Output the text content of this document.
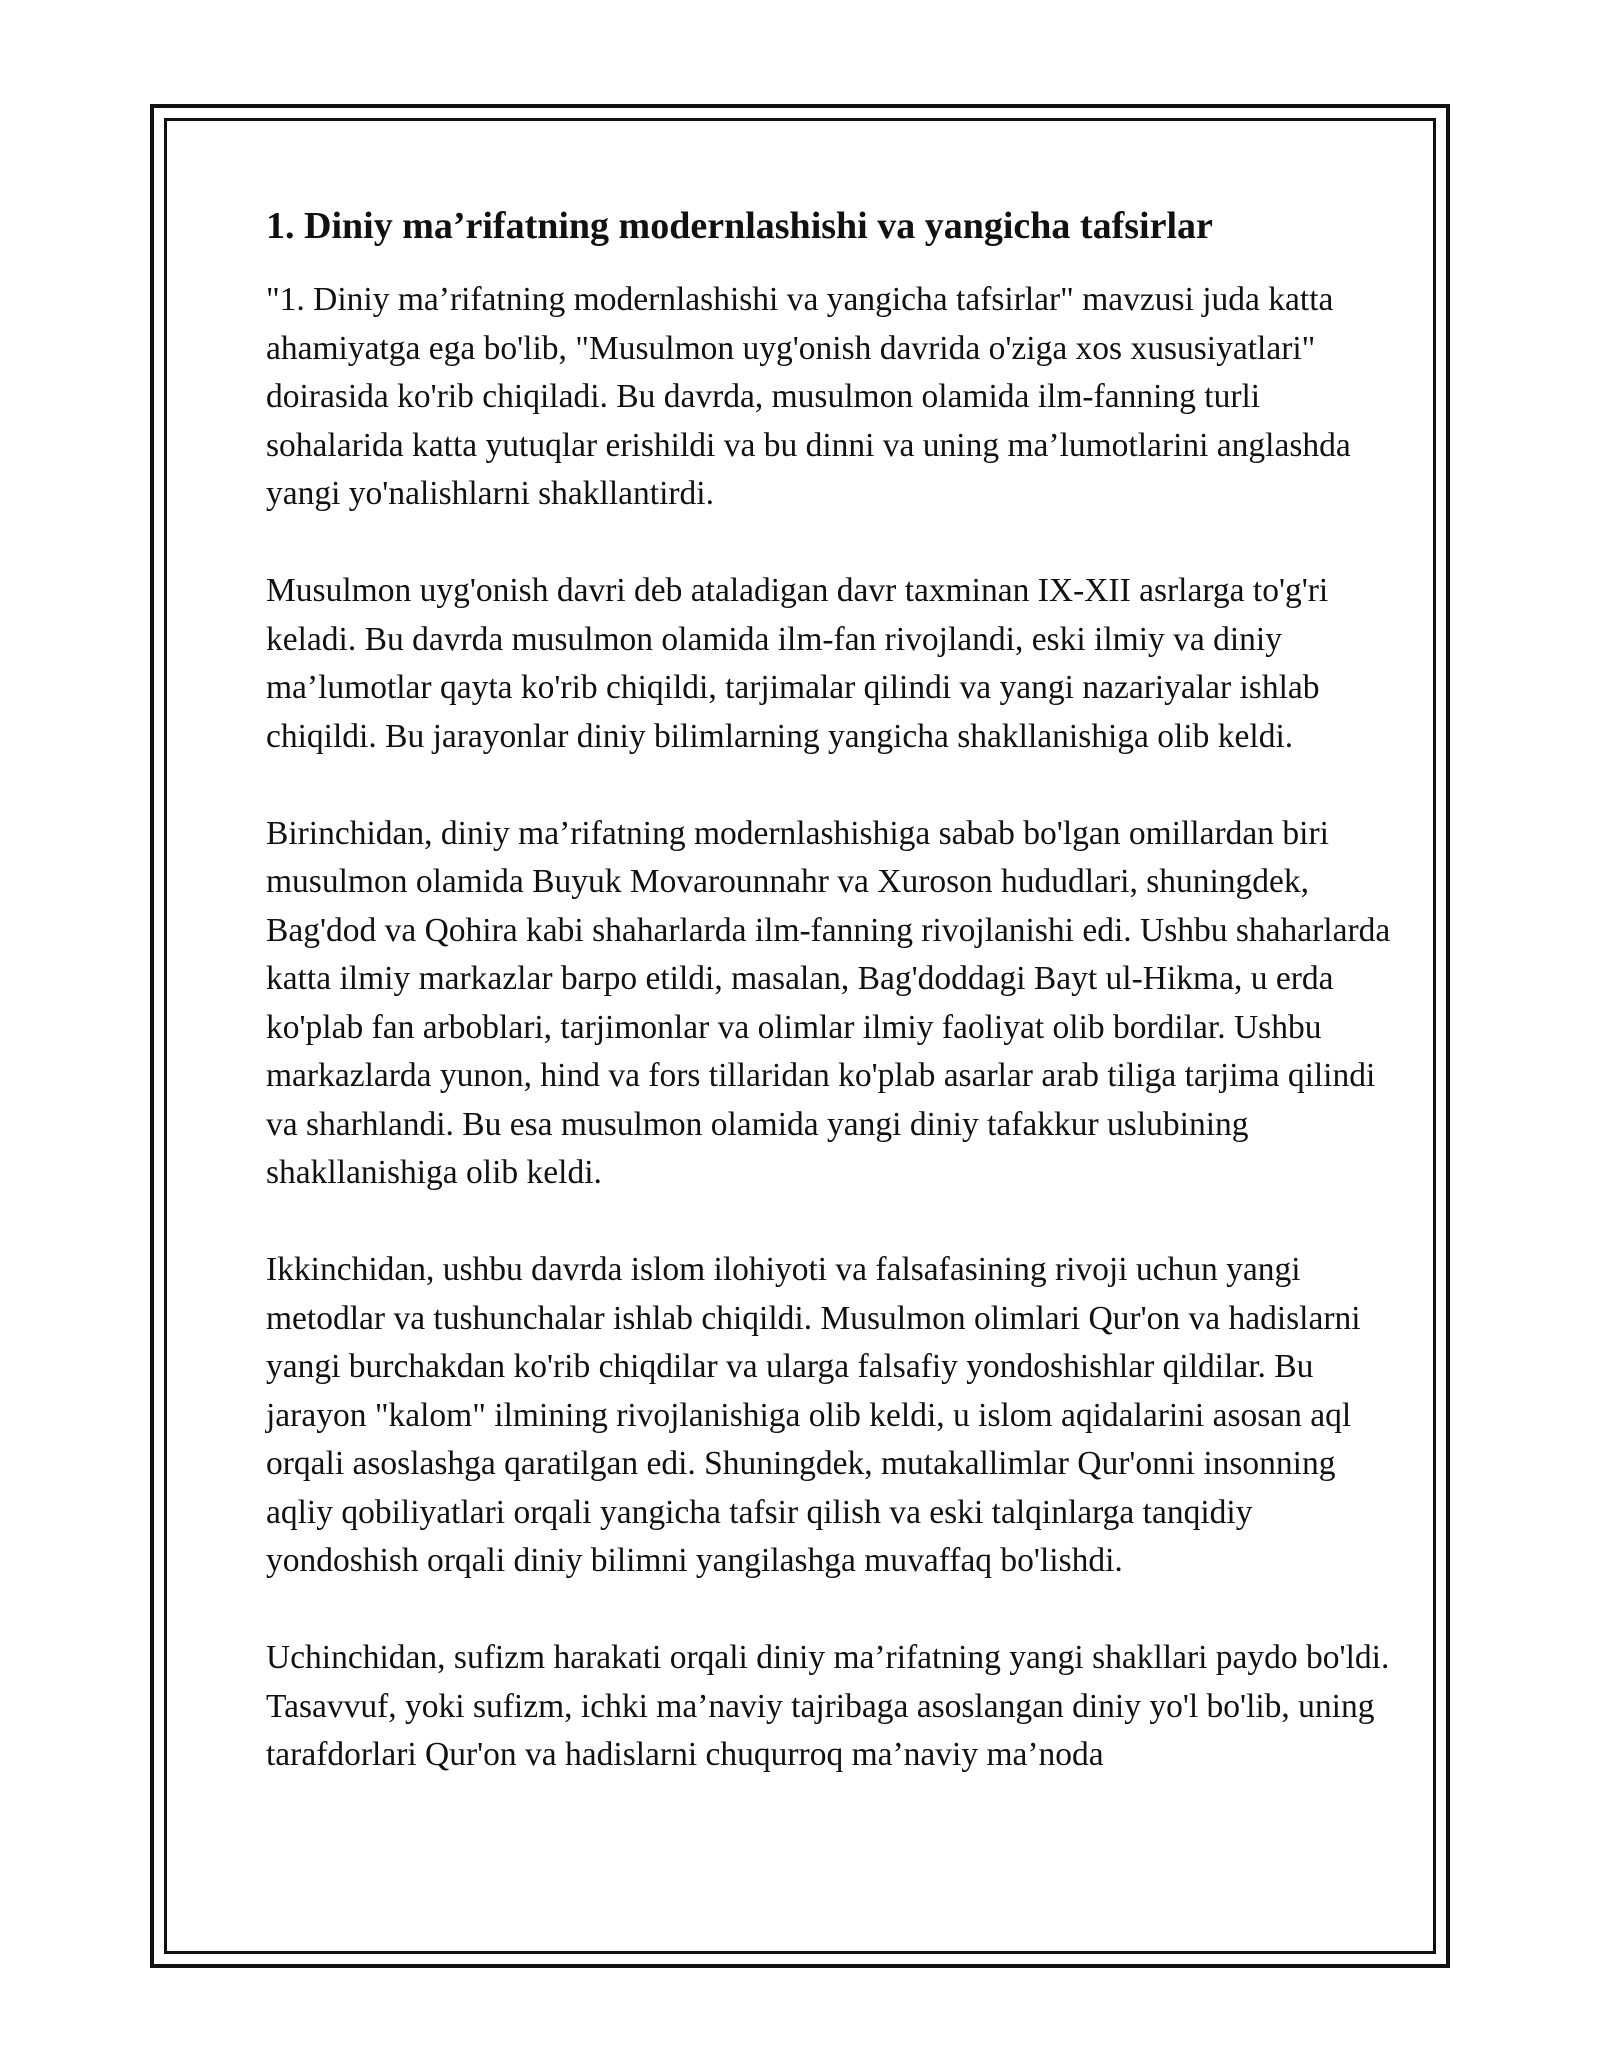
1. Diniy ma’rifatning modernlashishi va yangicha tafsirlar

"1. Diniy ma’rifatning modernlashishi va yangicha tafsirlar" mavzusi juda katta ahamiyatga ega bo'lib, "Musulmon uyg'onish davrida o'ziga xos xususiyatlari" doirasida ko'rib chiqiladi. Bu davrda, musulmon olamida ilm-fanning turli sohalarida katta yutuqlar erishildi va bu dinni va uning ma’lumotlarini anglashda yangi yo'nalishlarni shakllantirdi.

Musulmon uyg'onish davri deb ataladigan davr taxminan IX-XII asrlarga to'g'ri keladi. Bu davrda musulmon olamida ilm-fan rivojlandi, eski ilmiy va diniy ma’lumotlar qayta ko'rib chiqildi, tarjimalar qilindi va yangi nazariyalar ishlab chiqildi. Bu jarayonlar diniy bilimlarning yangicha shakllanishiga olib keldi.

Birinchidan, diniy ma’rifatning modernlashishiga sabab bo'lgan omillardan biri musulmon olamida Buyuk Movarounnahr va Xuroson hududlari, shuningdek, Bag'dod va Qohira kabi shaharlarda ilm-fanning rivojlanishi edi. Ushbu shaharlarda katta ilmiy markazlar barpo etildi, masalan, Bag'doddagi Bayt ul-Hikma, u erda ko'plab fan arboblari, tarjimonlar va olimlar ilmiy faoliyat olib bordilar. Ushbu markazlarda yunon, hind va fors tillaridan ko'plab asarlar arab tiliga tarjima qilindi va sharhlandi. Bu esa musulmon olamida yangi diniy tafakkur uslubining shakllanishiga olib keldi.

Ikkinchidan, ushbu davrda islom ilohiyoti va falsafasining rivoji uchun yangi metodlar va tushunchalar ishlab chiqildi. Musulmon olimlari Qur'on va hadislarni yangi burchakdan ko'rib chiqdilar va ularga falsafiy yondoshishlar qildilar. Bu jarayon "kalom" ilmining rivojlanishiga olib keldi, u islom aqidalarini asosan aql orqali asoslashga qaratilgan edi. Shuningdek, mutakallimlar Qur'onni insonning aqliy qobiliyatlari orqali yangicha tafsir qilish va eski talqinlarga tanqidiy yondoshish orqali diniy bilimni yangilashga muvaffaq bo'lishdi.

Uchinchidan, sufizm harakati orqali diniy ma’rifatning yangi shakllari paydo bo'ldi. Tasavvuf, yoki sufizm, ichki ma’naviy tajribaga asoslangan diniy yo'l bo'lib, uning tarafdorlari Qur'on va hadislarni chuqurroq ma’naviy ma’noda
